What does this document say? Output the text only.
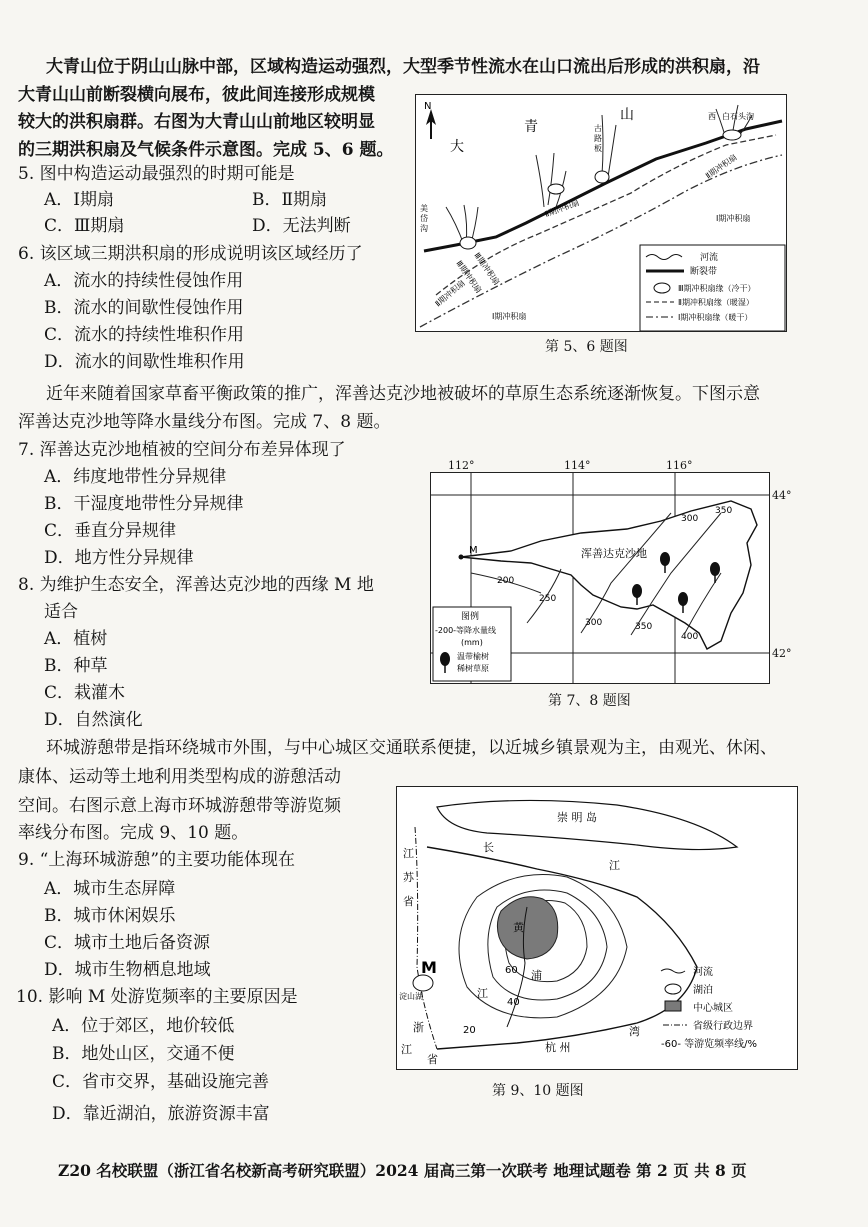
大青山位于阴山山脉中部，区域构造运动强烈，大型季节性流水在山口流出后形成的洪积扇，沿
大青山山前断裂横向展布，彼此间连接形成规模
较大的洪积扇群。右图为大青山山前地区较明显
的三期洪积扇及气候条件示意图。完成 5、6 题。
5. 图中构造运动最强烈的时期可能是
A．Ⅰ期扇	B．Ⅱ期扇
C．Ⅲ期扇	D．无法判断
6. 该区域三期洪积扇的形成说明该区域经历了
A．流水的持续性侵蚀作用
B．流水的间歇性侵蚀作用
C．流水的持续性堆积作用
D．流水的间歇性堆积作用
N
大
青
山	西 白石头沟
古
路
板
美
岱
沟
Ⅲ期冲积扇
Ⅲ期冲积扇
Ⅱ期冲积扇
Ⅱ期冲积扇
Ⅱ期冲积扇
Ⅰ期冲积扇
Ⅰ期冲积扇
河流
断裂带
Ⅲ期冲积扇缘（冷干）
Ⅱ期冲积扇缘（暖湿）
Ⅰ期冲积扇缘（暖干）
第 5、6 题图
近年来随着国家草畜平衡政策的推广，浑善达克沙地被破坏的草原生态系统逐渐恢复。下图示意
浑善达克沙地等降水量线分布图。完成 7、8 题。
7. 浑善达克沙地植被的空间分布差异体现了
A．纬度地带性分异规律
B．干湿度地带性分异规律
C．垂直分异规律
D．地方性分异规律
8. 为维护生态安全，浑善达克沙地的西缘 M 地
适合
A．植树
B．种草
C．栽灌木
D．自然演化
M	浑善达克沙地
200
250
300
350
300	350
400
图例
-200-等降水量线
(mm)
温带榆树
稀树草原
112°	114°	116°
44°
42°
第 7、8 题图
环城游憩带是指环绕城市外围，与中心城区交通联系便捷，以近城乡镇景观为主，由观光、休闲、
康体、运动等土地利用类型构成的游憩活动
空间。右图示意上海市环城游憩带等游览频
率线分布图。完成 9、10 题。
9. “上海环城游憩”的主要功能体现在
A．城市生态屏障
B．城市休闲娱乐
C．城市土地后备资源
D．城市生物栖息地域
10. 影响 M 处游览频率的主要原因是
A．位于郊区，地价较低
B．地处山区，交通不便
C．省市交界，基础设施完善
D．靠近湖泊，旅游资源丰富
M
崇 明 岛
长
江
江
苏
省
黄
浦
江
淀山湖
浙
江
省
杭 州
湾
60
40
20
河流
湖泊
中心城区
省级行政边界
-60- 等游览频率线/%
第 9、10 题图
Z20 名校联盟（浙江省名校新高考研究联盟）2024 届高三第一次联考 地理试题卷 第 2 页 共 8 页
